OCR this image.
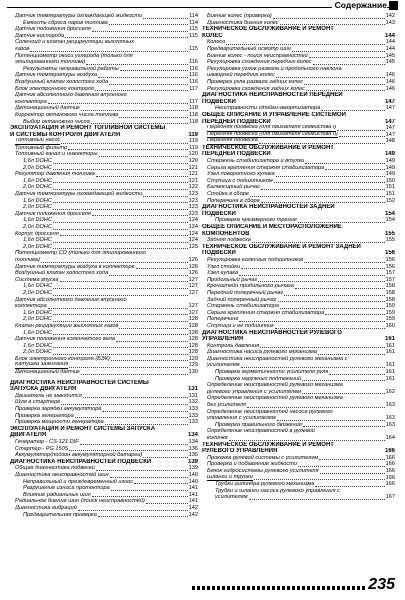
Содержание
Датчик температуры охлаждающей жидкости	114
Емкость сброса паров топлива	114
Датчик положения дросселя	115
Датчик кислорода	115
Соленоид и клапан рециркуляции выхлопных
газов	115
Потенциометр окиси углерода (только для
этилированного топлива)	116
Результаты неправильной работы	116
Датчик температуры воздуха	116
Воздушный клапан холостого хода	116
Блок электронного контроля	117
Датчик абсолютного давления впускного
коллектора	117
Детонационный датчик	118
Корректор октанового числа топлива	118
Выбор октанового числа	118
ЭКСПЛУАТАЦИЯ И РЕМОНТ ТОПЛИВНОЙ СИСТЕМЫ
И СИСТЕМЫ КОНТРОЛЯ ДВИГАТЕЛЯ	119
Топливный насос	119
Топливный фильтр	119
Топливный канал и инжекторы	120
1,6л DOHC	120
2,0л DOHC	121
Регулятор давления топлива	121
1,6л DOHC	121
2,0л DOHC	122
Датчик температуры охлаждающей жидкости	123
1,6л DOHC	123
2,0л DOHC	123
Датчик положения дросселя	123
1,6л DOHC	124
2,0л DOHC	124
Корпус дросселя	124
1,6л DOHC	124
2,0л DOHC	125
Потенциометр СО (только для этилированного
топлива)	126
Датчик температуры воздуха в коллекторе	126
Воздушный клапан холостого хода	126
Система впуска	127
1,6л DOHC	127
2,0л DOHC	127
Датчик абсолютного давления впускного
коллектора	127
1,6л DOHC	127
2,0л DOHC	128
Клапан рециркуляции выхлопных газов	128
1,6л DOHC	128
Датчик положения коленчатого вала	128
1,6л DOHC	128
2,0л DOHC	128
Блок электронного контроля (БЭК)	129
Катушка зажигания	129
Детонационный датчик	130
ДИАГНОСТИКА НЕИСПРАВНОСТЕЙ СИСТЕМЫ
ЗАПУСКА ДВИГАТЕЛЯ	131
Двигатель не заводится	131
Шум в стартере	132
Проверка зарядки аккумулятора	133
Проверка генератора	133
Проверка мощности генератора	133
ЭКСПЛУАТАЦИЯ И РЕМОНТ СИСТЕМЫ ЗАПУСКА
ДВИГАТЕЛЯ	134
Генератор - CS-121 DIF	134
Стартер - PG 150S	136
Аккумулятор(подзон аккумуляторной батареи)	136
ДИАГНОСТИКА НЕИСПРАВНОСТЕЙ ПОДВЕСКИ	139
Общая диагностика подвески	139
Диагностика неисправностей шин	140
Неправильный и преждевременный износ	140
Разрушение износа протектора	141
Влияние радиальных шин	141
Радиальное биение шин (поиск неисправностей)	141
Диагностика вибраций	142
Предварительная проверка	142
Биение колес (проверка)	142
Диагностика биения колес	143
ТЕХНИЧЕСКОЕ ОБСЛУЖИВАНИЕ И РЕМОНТ
КОЛЕС	144
Колесо	144
Предварительный осмотр шин	144
Биение колес - поиск неисправностей	145
Регулировка схождения передних колес	145
Регулировка углов развала и продольного наклона
шкворней передних колес	146
Проверка угла развала задних колес	146
Регулировка схождения задних колес	146
ДИАГНОСТИКА НЕИСПРАВНОСТЕЙ ПЕРЕДНЕЙ
ПОДВЕСКИ	147
Неисправности стойки-амортизатора	147
ОБЩЕЕ ОПИСАНИЕ И УПРАВЛЕНИЕ СИСТЕМОЙ
ПЕРЕДНЕЙ ПОДВЕСКИ	147
Передняя подвеска (для двигателя семейства I)	147
Передняя подвеска (для двигателя семейства II)	147
Передняя подвеска	148
ТЕХНИЧЕСКОЕ ОБСЛУЖИВАНИЕ И РЕМОНТ
ПЕРЕДНЕЙ ПОДВЕСКИ	149
Стержень стабилизатора и втулки	149
Серьга крепления стержня стабилизатора	149
Узел поворотного кулака	149
Ступица с подшипником	150
Балансирный рычаг	151
Стойка в сборе	151
Поперечина в сборе	152
ДИАГНОСТИКА НЕИСПРАВНОСТЕЙ ЗАДНЕЙ
ПОДВЕСКИ	154
Проверка чрезмерного трения	154
ОБЩЕЕ ОПИСАНИЕ И МЕСТОРАСПОЛОЖЕНИЕ
КОМПОНЕНТОВ	155
Задняя подвеска	155
ТЕХНИЧЕСКОЕ ОБСЛУЖИВАНИЕ И РЕМОНТ ЗАДНЕЙ
ПОДВЕСКИ	156
Регулировка колесных подшипников	156
Узел стойки	156
Узел кулака	157
Продольный рычаг	157
Кронштейн продольного рычага	158
Передний поперечный рычаг	158
Задний поперечный рычаг	158
Стержень стабилизатора	159
Серьга крепления стержня стабилизатора	159
Поперечина	159
Ступица и ее подшипник	160
ДИАГНОСТИКА НЕИСПРАВНОСТЕЙ РУЛЕВОГО
УПРАВЛЕНИЯ	161
Контроль давления	161
Диагностика насоса рулевого механизма	161
Диагностика неисправностей рулевого механизма с
усилителем	161
Проверка герметичности усилителя руля	161
Проверка наружных подтеканий	161
Определение неисправностей рулевого механизма
рулевого управления с усилителем	162
Определение неисправностей рулевого механизма
без усилителя	163
Определение неисправностей насоса рулевого
управления с усилителем	163
Проверка правильного движения	163
Определение неисправностей в рулевой
колонке	164
ТЕХНИЧЕСКОЕ ОБСЛУЖИВАНИЕ И РЕМОНТ
РУЛЕВОГО УПРАВЛЕНИЯ	166
Прокачка рулевой системы с усилителем	166
Проверка и добавление жидкости	166
Бачок гидросистемы рулевого усилителя	166
Шланги и трубки	166
Трубки цилиндра рулевого механизма	166
Трубки и шланги насоса рулевого управления с
усилителем	167
235
